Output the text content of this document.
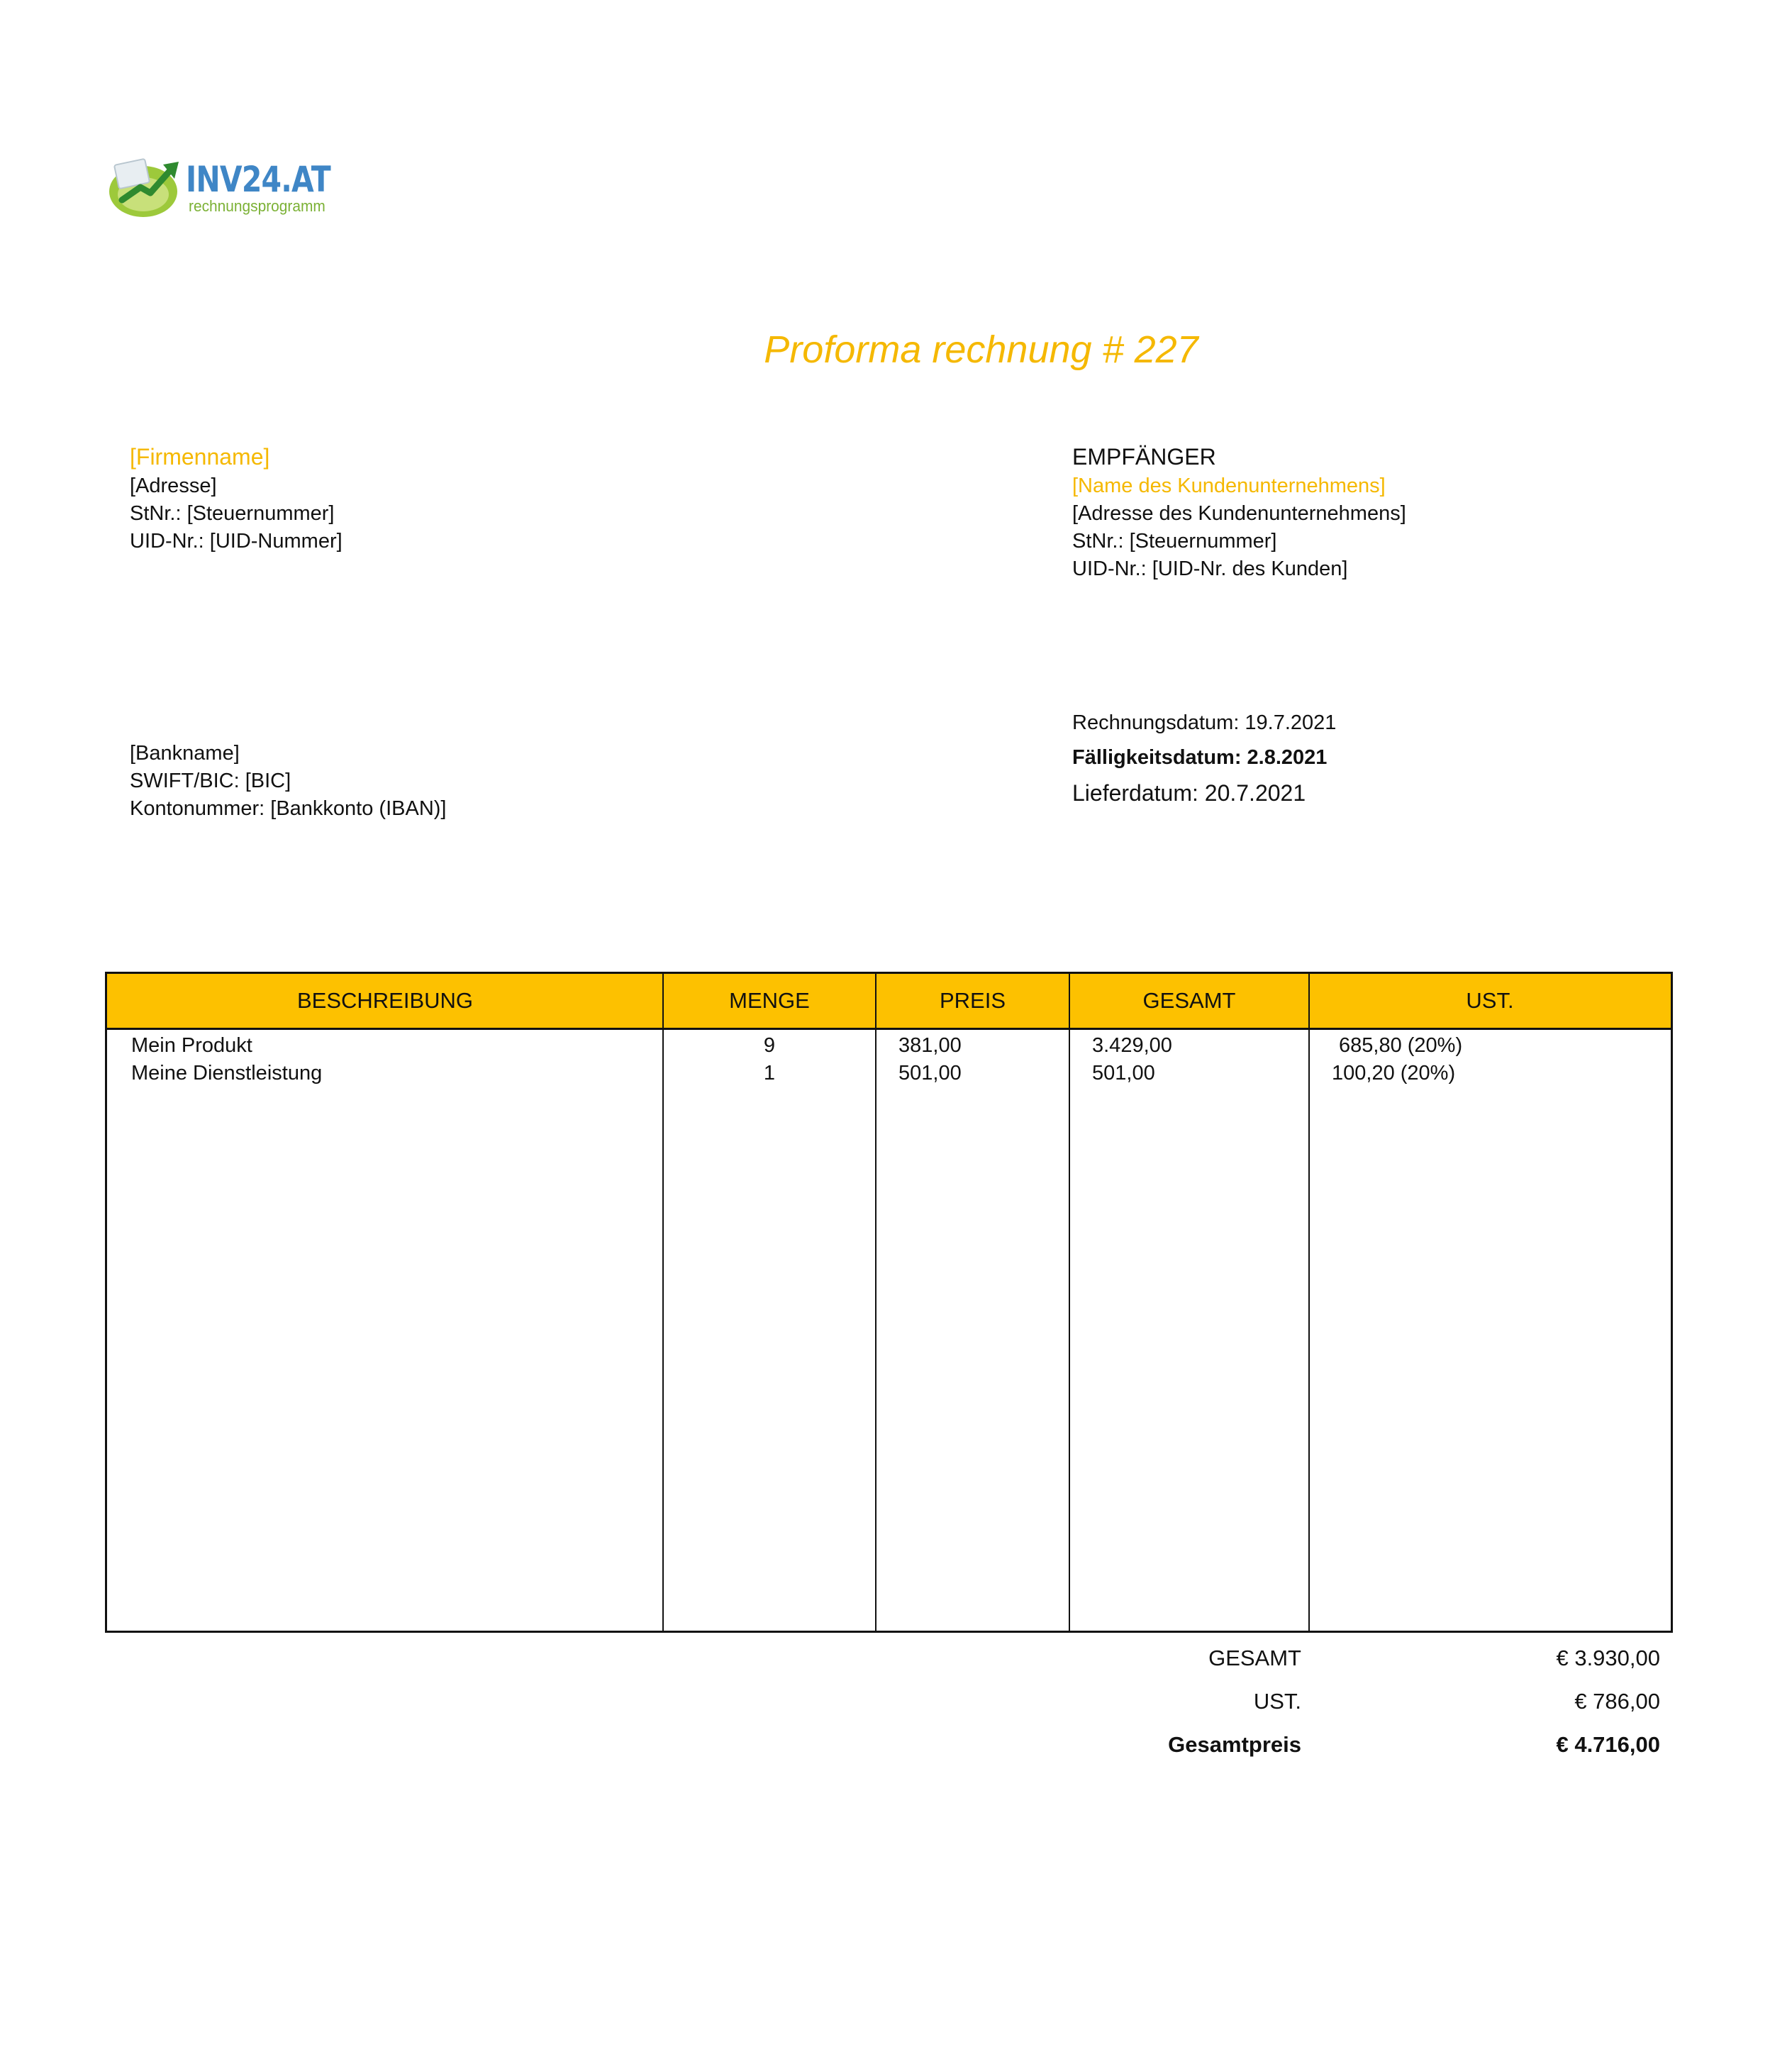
INV24.AT
rechnungsprogramm
Proforma rechnung # 227
[Firmenname]
[Adresse]
StNr.: [Steuernummer]
UID-Nr.: [UID-Nummer]
EMPFÄNGER
[Name des Kundenunternehmens]
[Adresse des Kundenunternehmens]
StNr.: [Steuernummer]
UID-Nr.: [UID-Nr. des Kunden]
[Bankname]
SWIFT/BIC: [BIC]
Kontonummer: [Bankkonto (IBAN)]
Rechnungsdatum: 19.7.2021
Fälligkeitsdatum: 2.8.2021
Lieferdatum: 20.7.2021
BESCHREIBUNG	MENGE	PREIS	GESAMT	UST.
Mein Produkt	9	381,00	3.429,00	685,80 (20%)
Meine Dienstleistung	1	501,00	501,00	100,20 (20%)
GESAMT	€ 3.930,00
UST.	€ 786,00
Gesamtpreis	€ 4.716,00
